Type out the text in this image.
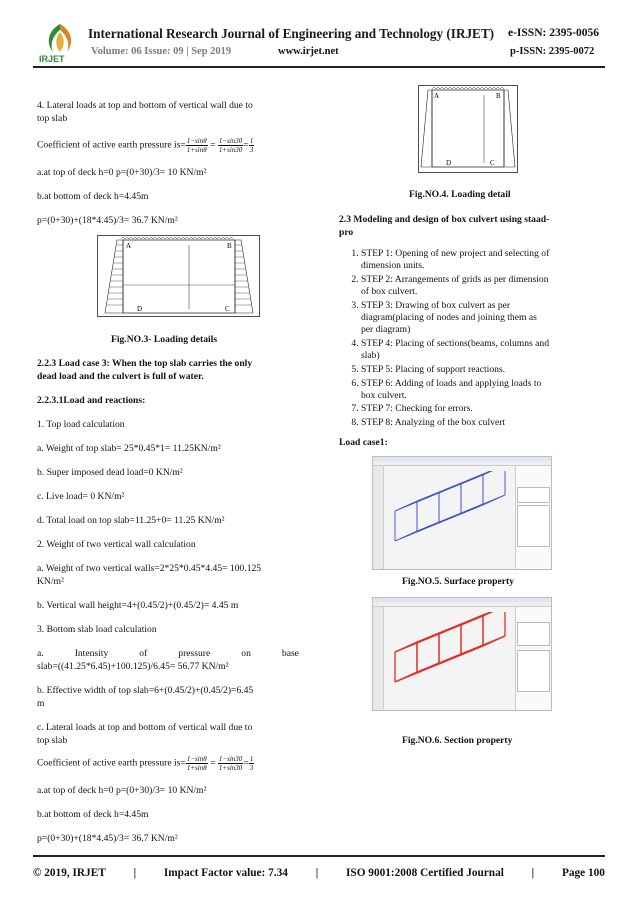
IRJET
International Research Journal of Engineering and Technology (IRJET) e-ISSN: 2395-0056
Volume: 06 Issue: 09 | Sep 2019	www.irjet.net	p-ISSN: 2395-0072
4. Lateral loads at top and bottom of vertical wall due to
top slab
Coefficient of active earth pressure $is= \frac{1-\sin\theta}{1+\sin\theta} = \frac{1-\sin 30}{1+\sin 30} = \frac{1}{3}$
a.at top of deck h=0 p=(0+30)/3= 10 KN/m²
b.at bottom of deck h=4.45m
p=(0+30)+(18*4.45)/3= 36.7 KN/m²
A	B
D	C
Fig.NO.3- Loading details
2.2.3 Load case 3: When the top slab carries the only
dead load and the culvert is full of water.
2.2.3.1Load and reactions:
1. Top load calculation
a. Weight of top slab= 25*0.45*1= 11.25KN/m²
b. Super imposed dead load=0 KN/m²
c. Live load= 0 KN/m²
d. Total load on top slab=11.25+0= 11.25 KN/m²
2. Weight of two vertical wall calculation
a. Weight of two vertical walls=2*25*0.45*4.45= 100.125
KN/m²
b. Vertical wall height=4+(0.45/2)+(0.45/2)= 4.45 m
3. Bottom slab load calculation
a.	Intensity	of	pressure	on	base
slab=((41.25*6.45)+100.125)/6.45= 56.77 KN/m²
b. Effective width of top slab=6+(0.45/2)+(0.45/2)=6.45
m
c. Lateral loads at top and bottom of vertical wall due to
top slab
Coefficient of active earth pressure $is= \frac{1-\sin\theta}{1+\sin\theta} = \frac{1-\sin 30}{1+\sin 30} = \frac{1}{3}$
a.at top of deck h=0 p=(0+30)/3= 10 KN/m²
b.at bottom of deck h=4.45m
p=(0+30)+(18*4.45)/3= 36.7 KN/m²
A	B
D	C
Fig.NO.4. Loading detail
2.3 Modeling and design of box culvert using staad-
pro
1. STEP 1: Opening of new project and selecting of
dimension units.
2. STEP 2: Arrangements of grids as per dimension
of box culvert.
3. STEP 3: Drawing of box culvert as per
diagram(placing of nodes and joining them as
per diagram)
4. STEP 4: Placing of sections(beams, columns and
slab)
5. STEP 5: Placing of support reactions.
6. STEP 6: Adding of loads and applying loads to
box culvert.
7. STEP 7: Checking for errors.
8. STEP 8: Analyzing of the box culvert
Load case1:
Fig.NO.5. Surface property
Fig.NO.6. Section property
© 2019, IRJET | Impact Factor value: 7.34 | ISO 9001:2008 Certified Journal | Page 100
